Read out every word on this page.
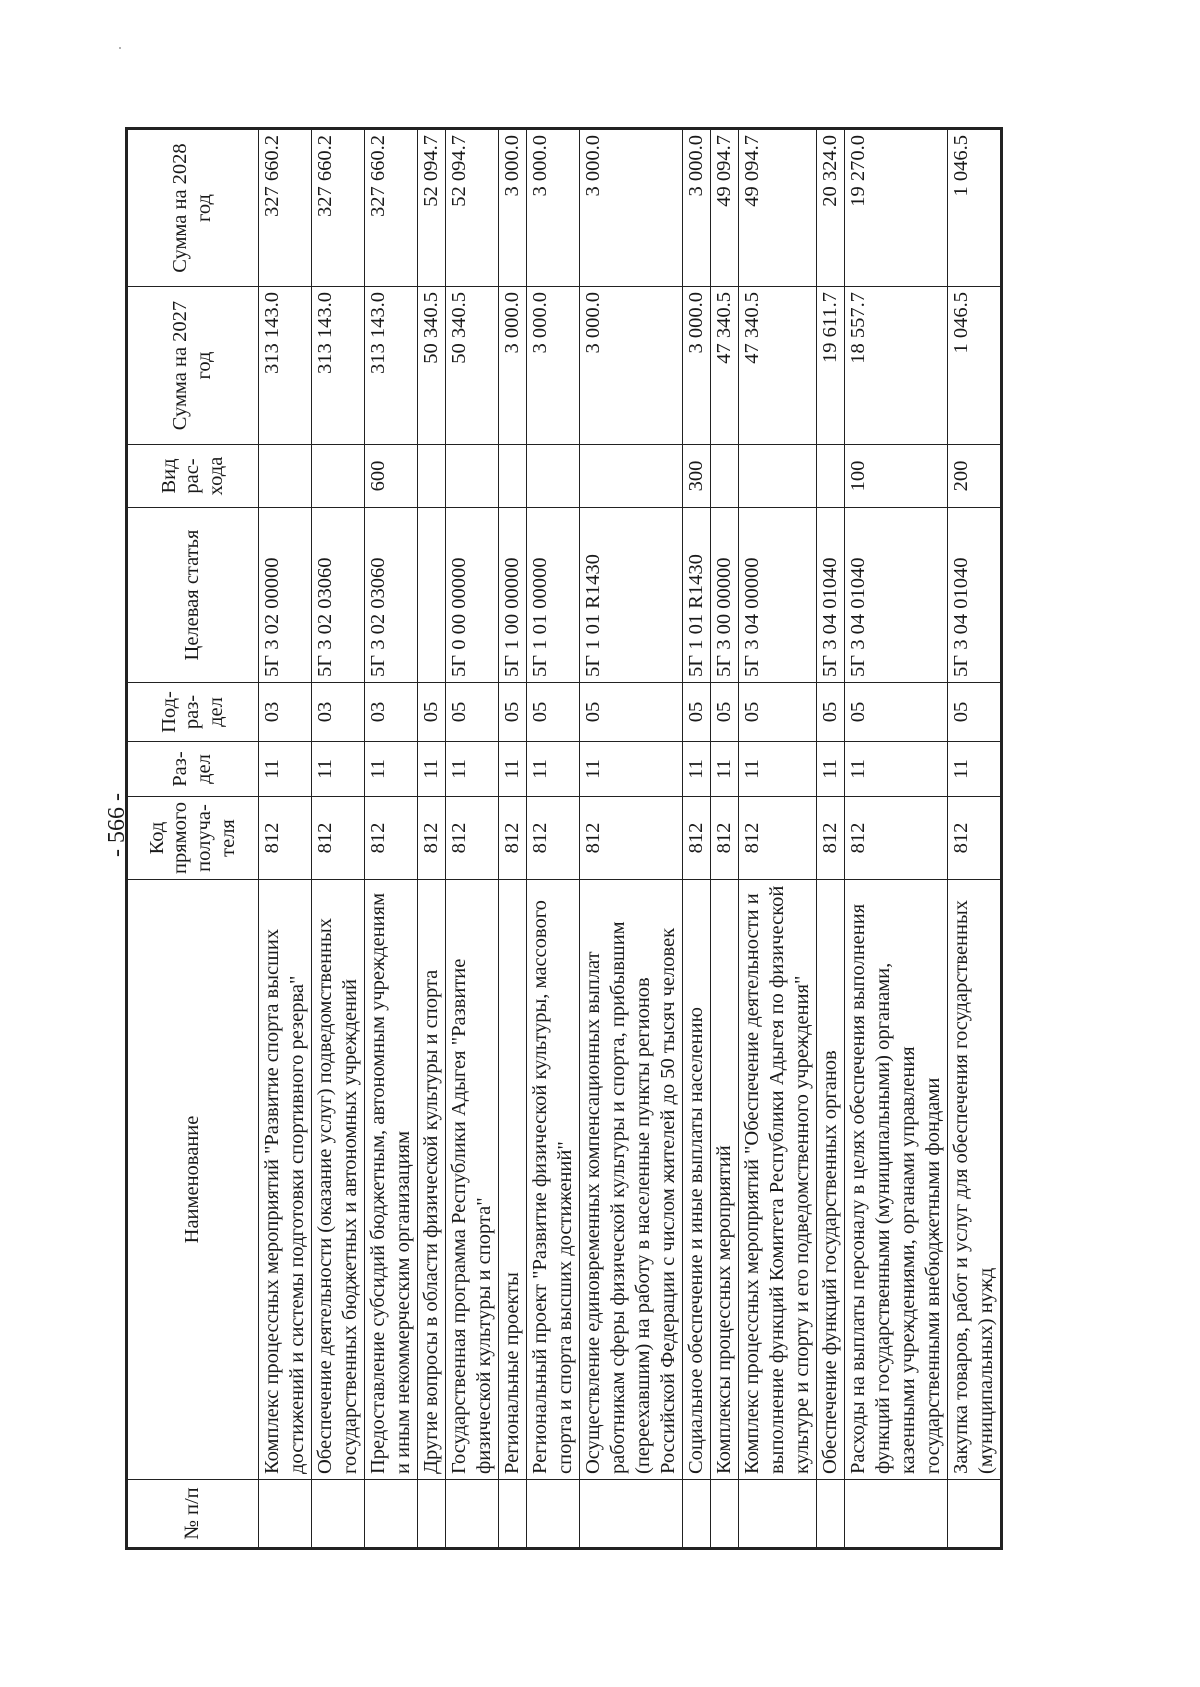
- 566 -
№ п/п	Наименование	Код прямого получа-теля	Раз-дел	Под-раз-дел	Целевая статья	Вид рас-хода	Сумма на 2027 год	Сумма на 2028 год
	Комплекс процессных мероприятий "Развитие спорта высших достижений и системы подготовки спортивного резерва"	812	11	03	5Г 3 02 00000		313 143.0	327 660.2
	Обеспечение деятельности (оказание услуг) подведомственных государственных бюджетных и автономных учреждений	812	11	03	5Г 3 02 03060		313 143.0	327 660.2
	Предоставление субсидий бюджетным, автономным учреждениям и иным некоммерческим организациям	812	11	03	5Г 3 02 03060	600	313 143.0	327 660.2
	Другие вопросы в области физической культуры и спорта	812	11	05			50 340.5	52 094.7
	Государственная программа Республики Адыгея "Развитие физической культуры и спорта"	812	11	05	5Г 0 00 00000		50 340.5	52 094.7
	Региональные проекты	812	11	05	5Г 1 00 00000		3 000.0	3 000.0
	Региональный проект "Развитие физической культуры, массового спорта и спорта высших достижений"	812	11	05	5Г 1 01 00000		3 000.0	3 000.0
	Осуществление единовременных компенсационных выплат работникам сферы физической культуры и спорта, прибывшим (переехавшим) на работу в населенные пункты регионов Российской Федерации с числом жителей до 50 тысяч человек	812	11	05	5Г 1 01 R1430		3 000.0	3 000.0
	Социальное обеспечение и иные выплаты населению	812	11	05	5Г 1 01 R1430	300	3 000.0	3 000.0
	Комплексы процессных мероприятий	812	11	05	5Г 3 00 00000		47 340.5	49 094.7
	Комплекс процессных мероприятий "Обеспечение деятельности и выполнение функций Комитета Республики Адыгея по физической культуре и спорту и его подведомственного учреждения"	812	11	05	5Г 3 04 00000		47 340.5	49 094.7
	Обеспечение функций государственных органов	812	11	05	5Г 3 04 01040		19 611.7	20 324.0
	Расходы на выплаты персоналу в целях обеспечения выполнения функций государственными (муниципальными) органами, казенными учреждениями, органами управления государственными внебюджетными фондами	812	11	05	5Г 3 04 01040	100	18 557.7	19 270.0
	Закупка товаров, работ и услуг для обеспечения государственных (муниципальных) нужд	812	11	05	5Г 3 04 01040	200	1 046.5	1 046.5
